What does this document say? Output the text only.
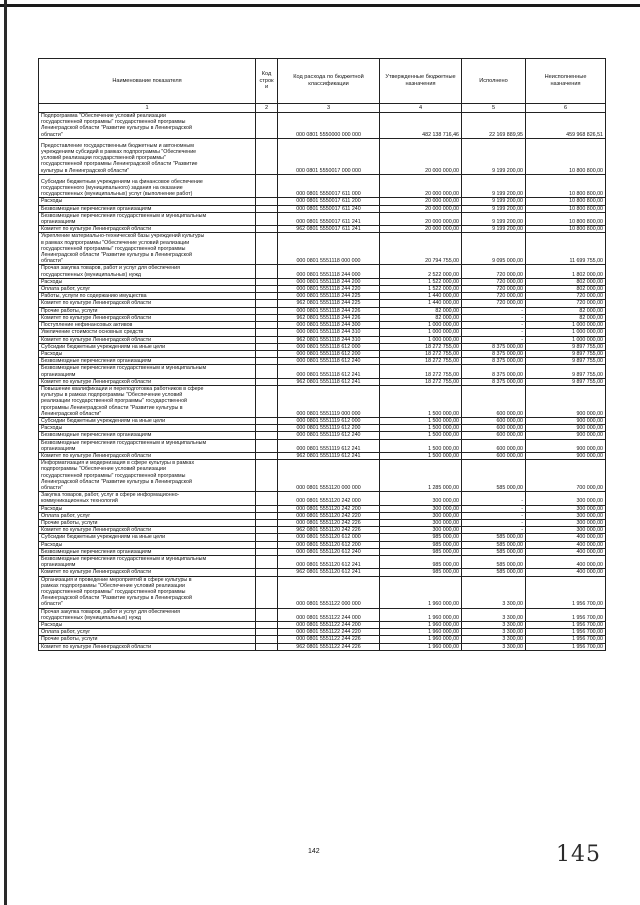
Наименование показателя	Код
строк
и	Код расхода по бюджетной
классификации	Утвержденные бюджетные
назначения	Исполнено	Неисполненные
назначения
1	2	3	4	5	6
Подпрограмма "Обеспечение условий реализации
государственной программы" государственной программы
Ленинградской области "Развитие культуры в Ленинградской
области"		000 0801 5550000 000 000	482 138 716,46	22 169 889,95	459 968 826,51
Предоставление государственным бюджетным и автономным
учреждениям субсидий в рамках подпрограммы "Обеспечение
условий реализации государственной программы"
государственной программы Ленинградской области "Развитие
культуры в Ленинградской области"		000 0801 5550017 000 000	20 000 000,00	9 199 200,00	10 800 800,00
Субсидии бюджетным учреждениям на финансовое обеспечение
государственного (муниципального) задания на оказание
государственных (муниципальных) услуг (выполнение работ)		000 0801 5550017 611 000	20 000 000,00	9 199 200,00	10 800 800,00
Расходы		000 0801 5550017 611 200	20 000 000,00	9 199 200,00	10 800 800,00
Безвозмездные перечисления организациям		000 0801 5550017 611 240	20 000 000,00	9 199 200,00	10 800 800,00
Безвозмездные перечисления государственным и муниципальным
организациям		000 0801 5550017 611 241	20 000 000,00	9 199 200,00	10 800 800,00
Комитет по культуре Ленинградской области		962 0801 5550017 611 241	20 000 000,00	9 199 200,00	10 800 800,00
Укрепление материально-технической базы учреждений культуры
в рамках подпрограммы "Обеспечение условий реализации
государственной программы" государственной программы
Ленинградской области "Развитие культуры в Ленинградской
области"		000 0801 5551118 000 000	20 794 755,00	9 095 000,00	11 699 755,00
Прочая закупка товаров, работ и услуг для обеспечения
государственных (муниципальных) нужд		000 0801 5551118 244 000	2 522 000,00	720 000,00	1 802 000,00
Расходы		000 0801 5551118 244 200	1 522 000,00	720 000,00	802 000,00
Оплата работ, услуг		000 0801 5551118 244 220	1 522 000,00	720 000,00	802 000,00
Работы, услуги по содержанию имущества		000 0801 5551118 244 225	1 440 000,00	720 000,00	720 000,00
Комитет по культуре Ленинградской области		962 0801 5551118 244 225	1 440 000,00	720 000,00	720 000,00
Прочие работы, услуги		000 0801 5551118 244 226	82 000,00	-	82 000,00
Комитет по культуре Ленинградской области		962 0801 5551118 244 226	82 000,00	-	82 000,00
Поступление нефинансовых активов		000 0801 5551118 244 300	1 000 000,00	-	1 000 000,00
Увеличение стоимости основных средств		000 0801 5551118 244 310	1 000 000,00	-	1 000 000,00
Комитет по культуре Ленинградской области		962 0801 5551118 244 310	1 000 000,00	-	1 000 000,00
Субсидии бюджетным учреждениям на иные цели		000 0801 5551118 612 000	18 272 755,00	8 375 000,00	9 897 755,00
Расходы		000 0801 5551118 612 200	18 272 755,00	8 375 000,00	9 897 755,00
Безвозмездные перечисления организациям		000 0801 5551118 612 240	18 272 755,00	8 375 000,00	9 897 755,00
Безвозмездные перечисления государственным и муниципальным
организациям		000 0801 5551118 612 241	18 272 755,00	8 375 000,00	9 897 755,00
Комитет по культуре Ленинградской области		962 0801 5551118 612 241	18 272 755,00	8 375 000,00	9 897 755,00
Повышение квалификации и переподготовка работников в сфере
культуры в рамках подпрограммы "Обеспечение условий
реализации государственной программы" государственной
программы Ленинградской области "Развитие культуры в
Ленинградской области"		000 0801 5551119 000 000	1 500 000,00	600 000,00	900 000,00
Субсидии бюджетным учреждениям на иные цели		000 0801 5551119 612 000	1 500 000,00	600 000,00	900 000,00
Расходы		000 0801 5551119 612 200	1 500 000,00	600 000,00	900 000,00
Безвозмездные перечисления организациям		000 0801 5551119 612 240	1 500 000,00	600 000,00	900 000,00
Безвозмездные перечисления государственным и муниципальным
организациям		000 0801 5551119 612 241	1 500 000,00	600 000,00	900 000,00
Комитет по культуре Ленинградской области		962 0801 5551119 612 241	1 500 000,00	600 000,00	900 000,00
Информатизация и модернизация в сфере культуры в рамках
подпрограммы "Обеспечение условий реализации
государственной программы" государственной программы
Ленинградской области "Развитие культуры в Ленинградской
области"		000 0801 5551120 000 000	1 285 000,00	585 000,00	700 000,00
Закупка товаров, работ, услуг в сфере информационно-
коммуникационных технологий		000 0801 5551120 242 000	300 000,00	-	300 000,00
Расходы		000 0801 5551120 242 200	300 000,00	-	300 000,00
Оплата работ, услуг		000 0801 5551120 242 220	300 000,00	-	300 000,00
Прочие работы, услуги		000 0801 5551120 242 226	300 000,00	-	300 000,00
Комитет по культуре Ленинградской области		962 0801 5551120 242 226	300 000,00	-	300 000,00
Субсидии бюджетным учреждениям на иные цели		000 0801 5551120 612 000	985 000,00	585 000,00	400 000,00
Расходы		000 0801 5551120 612 200	985 000,00	585 000,00	400 000,00
Безвозмездные перечисления организациям		000 0801 5551120 612 240	985 000,00	585 000,00	400 000,00
Безвозмездные перечисления государственным и муниципальным
организациям		000 0801 5551120 612 241	985 000,00	585 000,00	400 000,00
Комитет по культуре Ленинградской области		962 0801 5551120 612 241	985 000,00	585 000,00	400 000,00
Организация и проведение мероприятий в сфере культуры в
рамках подпрограммы "Обеспечение условий реализации
государственной программы" государственной программы
Ленинградской области "Развитие культуры в Ленинградской
области"		000 0801 5551122 000 000	1 960 000,00	3 300,00	1 956 700,00
Прочая закупка товаров, работ и услуг для обеспечения
государственных (муниципальных) нужд		000 0801 5551122 244 000	1 960 000,00	3 300,00	1 956 700,00
Расходы		000 0801 5551122 244 200	1 960 000,00	3 300,00	1 956 700,00
Оплата работ, услуг		000 0801 5551122 244 220	1 960 000,00	3 300,00	1 956 700,00
Прочие работы, услуги		000 0801 5551122 244 226	1 960 000,00	3 300,00	1 956 700,00
Комитет по культуре Ленинградской области		962 0801 5551122 244 226	1 960 000,00	3 300,00	1 956 700,00
142	145
